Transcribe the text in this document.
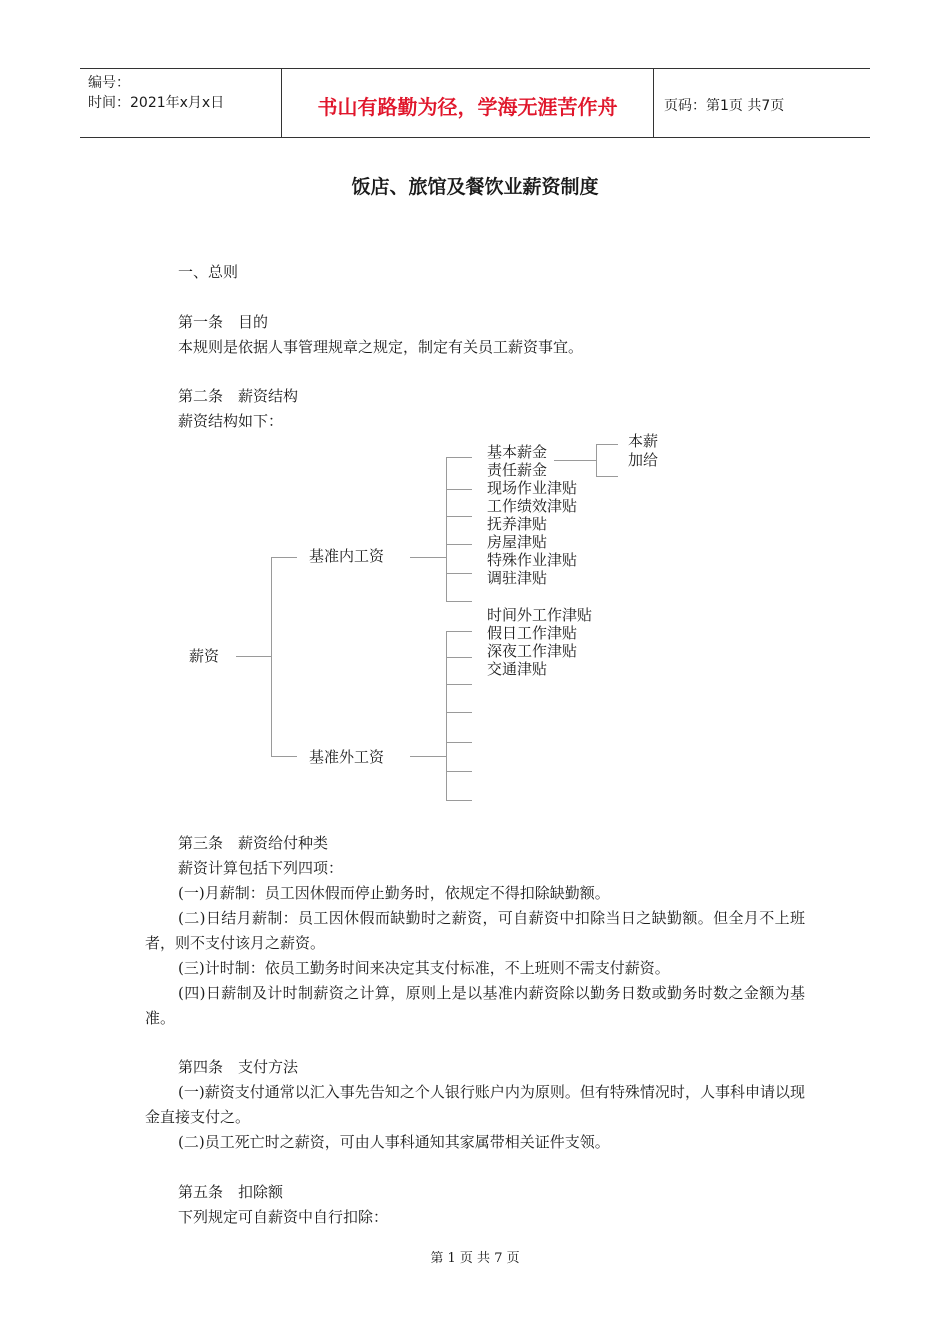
编号：
时间：2021年x月x日	书山有路勤为径，学海无涯苦作舟	页码：第1页 共7页
饭店、旅馆及餐饮业薪资制度
一、总则
第一条　目的
本规则是依据人事管理规章之规定，制定有关员工薪资事宜。
第二条　薪资结构
薪资结构如下：
薪资
基准内工资
基准外工资
基本薪金
责任薪金
现场作业津贴
工作绩效津贴
抚养津贴
房屋津贴
特殊作业津贴
调驻津贴
时间外工作津贴
假日工作津贴
深夜工作津贴
交通津贴
本薪
加给
第三条　薪资给付种类
薪资计算包括下列四项：
(一)月薪制：员工因休假而停止勤务时，依规定不得扣除缺勤额。
(二)日结月薪制：员工因休假而缺勤时之薪资，可自薪资中扣除当日之缺勤额。但全月不上班者，则不支付该月之薪资。
(三)计时制：依员工勤务时间来决定其支付标准，不上班则不需支付薪资。
(四)日薪制及计时制薪资之计算，原则上是以基准内薪资除以勤务日数或勤务时数之金额为基准。
第四条　支付方法
(一)薪资支付通常以汇入事先告知之个人银行账户内为原则。但有特殊情况时，人事科申请以现金直接支付之。
(二)员工死亡时之薪资，可由人事科通知其家属带相关证件支领。
第五条　扣除额
下列规定可自薪资中自行扣除：
第 1 页 共 7 页
